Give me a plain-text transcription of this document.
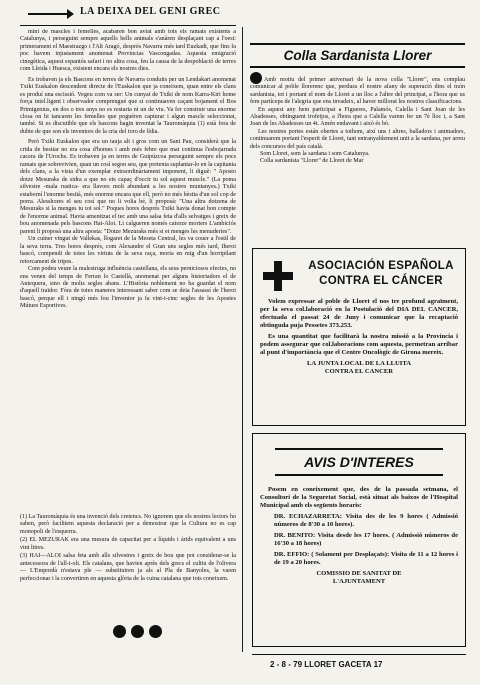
LA DEIXA DEL GENI GREC

mini de mascles i femelles, acabaren bon aviat amb tots els ramats existents a Catalunya, i perseguint sempre aquells bells animals s'anàren desplaçant cap a l'oest: primerament el Maestrazgo i l'Alt Aragó, després Navarra més tard Euzkadi, que fins fa poc havem injustament anomenat Provincias Vascongadas. Aquesta emigració cinegètica, aquest espantós safari i no altra cosa, feu la causa de la despoblació de terres com Lleida i Huesca, existent encara els nostres dies.

Es trobaven ja els Bascons en terres de Navarra conduits per un Lendakari anomenat Txiki Euskalon descendent directe de l'Euskalon que ja coneixem, quan entre els clans es produí una escissió. Vegeu com va ser: Un cunyat de Txiki de nom Karra-Kiri home força intel.ligent i observador comprengué que si continuaven caçant bojament el Bos Primigenius, en dos o tres anys no es restaria ni un de viu. Va fer construir una enorme closa on hi tancaren les femelles que poguéren capturar i algun mascle seleccionat, també. Si es discutible que els bascons hagin inventat la Tauromàquia (1) està fora de dubte de que son els inventors de la cria del toro de lídia.

Però Txiki Euskalon que era un tauja alt i gros com un Sant Pau, considerà que la crida de bestiar no era cosa d'homes i amb més febre que mai continua l'esbojarrada cacera de l'Urochs. Es trobaven ja en terres de Guipúzcoa perseguint sempre els pocs ramats que sobrevivien, quan un cosí segon seu, que pretenia suplantar-lo en la capitania dels clans, a la vista d'un exemplar extraordinàriament imponent, li diguè: " Aposto dotze Mesuraks de sidra a que no ets capaç d'occir tu sol aquest muscle." (La poma silvestre -mala rustica- era llavors molt abundant a les nostres muntanyes.) Txiki estaborní l'enorme bestià, més enorme encara que ell, però no més bèstia d'un sol cop de porra. Alesshores el seu cosí que no li volia bé, li proposà: "Una altra dotzena de Mesuraks si la menges tu tot sol." Poques hores després Txiki havia donat bon compte de l'enorme animal. Havia amenitzat el tec amb una salsa feta d'alls selvatges i greix de bou anomenada pels bascons Hai-Aloi. Li calgueren només catorze morters L'ambiciós parent li proposà una altra aposta: "Dotze Mezuraks més si et menges les menuderies".

Un cuiner vingut de Vallekas, llogaret de la Meseta Central, les va couer a l'estil de la seva terra. Tres hores després, com Alexandre el Gran uns segles més tard, Iheroi bascó, compendi de totes les virtuts de la seva raça, moria en mig d'un horripilant retorcament de tripes.

Com podeu veure la malestruga influència castellana, els seus perniciosos efectes, no ens venen del temps de Ferran lo Castellà, anomenat per alguns historiadors el de Antequera, sino de molts segles abans. L'Història noblement no ha guardat el nom d'aquell traïdor. Fóra de totes maneres interessant saber com se deia l'assassí de l'heroi bascó, perque ell i ningú més fou l'inventor ja fa vint-i-cinc segles de les Apostes Mútues Esportives.

(1) La Tauromàquia és una invenció dels cretencs. No ignorem que els nostres lectors ho saben, però facilitem aquesta declaració per a demostrar que la Cultura no es cap monopoli de l'esquerra.

(2) EL MEZURAK era una mesura de capacitat per a líquids i àrids equivalent a uns vint litres.

(3) HAI—ALOI salsa feta amb alls silvestres i greix de bou que pot considerar-se la antecessora de l'all-i-oli. Els catalans, que havien après dels grecs el cultiu de l'olivera — L'Empordà n'estava ple — substituiren ja als al Pla de Banyoles, la varen perfeccionar i la convertiren en aquesta glòria de la cuina catalana que tots coneixem.

Colla Sardanista Llorer

Amb motiu del primer aniversari de la nova colla "Llorer", ens complau comunicar al poble llorerenc que, perdura el nostre afany de superació dins el món sardanista, tot i portant el nom de Lloret a un lloc a l'altre del principat, a l'hora que us fem partíceps de l'alegria que ens invadeix, al haver millorat les nostres classificacions.

En aquest any hem participat a Figueres, Palamós, Calella i Sant Joan de les Abadesses, obtinguent trofetjos, a l'hora que a Calella varem fer un 7è lloc i, a Sant Joan de les Abadesses un 4t. Amén endavant i això és bò.

Les nostres portes están obertes a tothom, així uns i altres, balladors i animadors, continuarem portant l'esperit de Lloret, tant entranyablement unit a la sardana, per arreu dels concursos del país català.

Som Lloret, som la sardana i som Catalunya.
Colla sardanista "Llorer" de Lloret de Mar
ASOCIACIÓN ESPAÑOLA
CONTRA EL CÁNCER

Volem expressar al poble de Lloret el nos tre profund agraïment, per la seva col.laboració en la Postulació del DIA DEL CANCER, efectuada el passat 24 de Juny i comunicar que la recaptació obtinguda puja Pessetes 373.253.

Es una quantitat que facilitarà la nostra missió a la Província i podem assegurar que col.laboracions com aquesta, permetran arribar al punt d'importància que el Centre Oncològic de Girona mereix.

LA JUNTA LOCAL DE LA LLUITA
CONTRA EL CANCER

AVIS D'INTERES

Posem en coneixement que, des de la passada setmana, el Consultori de la Seguretat Social, està situat als baixos de l'Hospital Municipal amb els següents horaris:

DR. ECHAZARRETA: Visita des de les 9 hores ( Admissió números de 8'30 a 10 hores).

DR. BENITO: Visita desde les 17 hores. ( Admissió números de 16'30 a 18 hores)

DR. EFFIO: ( Solament per Desplaçats): Visita de 11 a 12 hores i de 19 a 20 hores.

COMISSIO DE SANITAT DE
L'AJUNTAMENT

2 - 8 - 79 LLORET GACETA 17
